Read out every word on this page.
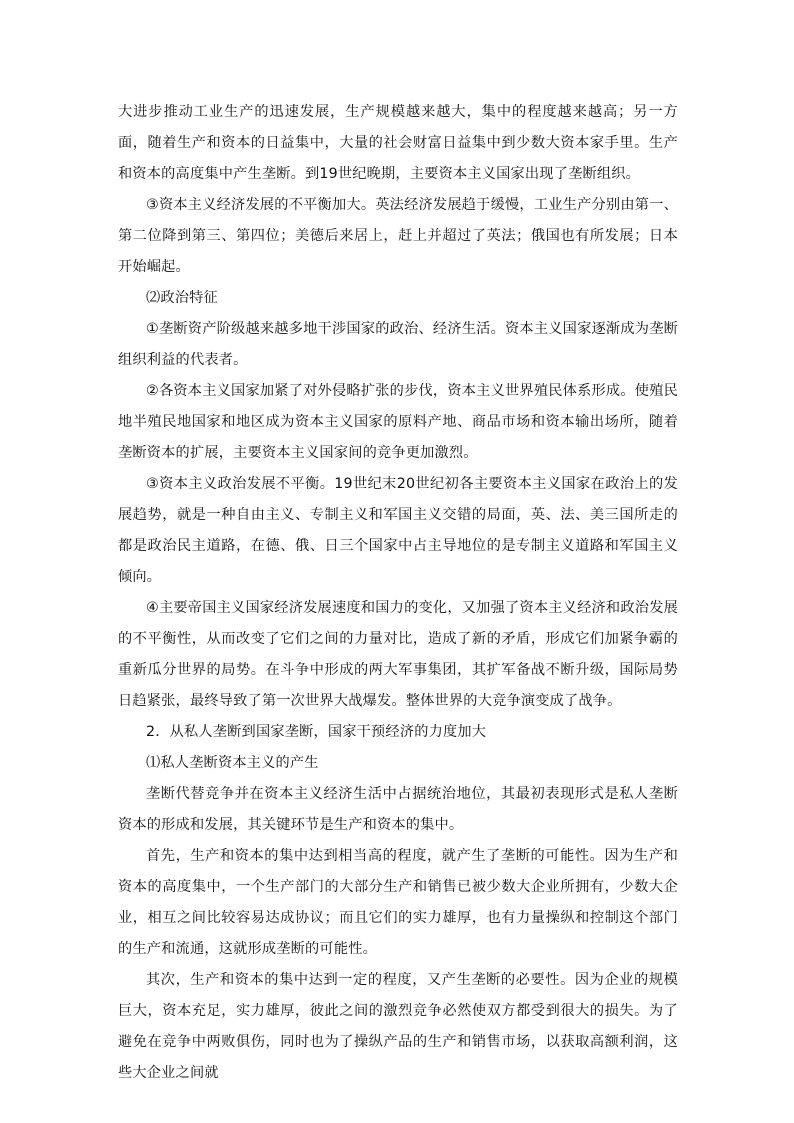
大进步推动工业生产的迅速发展，生产规模越来越大，集中的程度越来越高；另一方面，随着生产和资本的日益集中，大量的社会财富日益集中到少数大资本家手里。生产和资本的高度集中产生垄断。到19世纪晚期，主要资本主义国家出现了垄断组织。

③资本主义经济发展的不平衡加大。英法经济发展趋于缓慢，工业生产分别由第一、第二位降到第三、第四位；美德后来居上，赶上并超过了英法；俄国也有所发展；日本开始崛起。

⑵政治特征

①垄断资产阶级越来越多地干涉国家的政治、经济生活。资本主义国家逐渐成为垄断组织利益的代表者。

②各资本主义国家加紧了对外侵略扩张的步伐，资本主义世界殖民体系形成。使殖民地半殖民地国家和地区成为资本主义国家的原料产地、商品市场和资本输出场所，随着垄断资本的扩展，主要资本主义国家间的竞争更加激烈。

③资本主义政治发展不平衡。19世纪末20世纪初各主要资本主义国家在政治上的发展趋势，就是一种自由主义、专制主义和军国主义交错的局面，英、法、美三国所走的都是政治民主道路，在德、俄、日三个国家中占主导地位的是专制主义道路和军国主义倾向。

④主要帝国主义国家经济发展速度和国力的变化，又加强了资本主义经济和政治发展的不平衡性，从而改变了它们之间的力量对比，造成了新的矛盾，形成它们加紧争霸的重新瓜分世界的局势。在斗争中形成的两大军事集团，其扩军备战不断升级，国际局势日趋紧张，最终导致了第一次世界大战爆发。整体世界的大竞争演变成了战争。

2．从私人垄断到国家垄断，国家干预经济的力度加大

⑴私人垄断资本主义的产生

垄断代替竞争并在资本主义经济生活中占据统治地位，其最初表现形式是私人垄断资本的形成和发展，其关键环节是生产和资本的集中。

首先，生产和资本的集中达到相当高的程度，就产生了垄断的可能性。因为生产和资本的高度集中，一个生产部门的大部分生产和销售已被少数大企业所拥有，少数大企业，相互之间比较容易达成协议；而且它们的实力雄厚，也有力量操纵和控制这个部门的生产和流通，这就形成垄断的可能性。

其次，生产和资本的集中达到一定的程度，又产生垄断的必要性。因为企业的规模巨大，资本充足，实力雄厚，彼此之间的激烈竞争必然使双方都受到很大的损失。为了避免在竞争中两败俱伤，同时也为了操纵产品的生产和销售市场，以获取高额利润，这些大企业之间就
